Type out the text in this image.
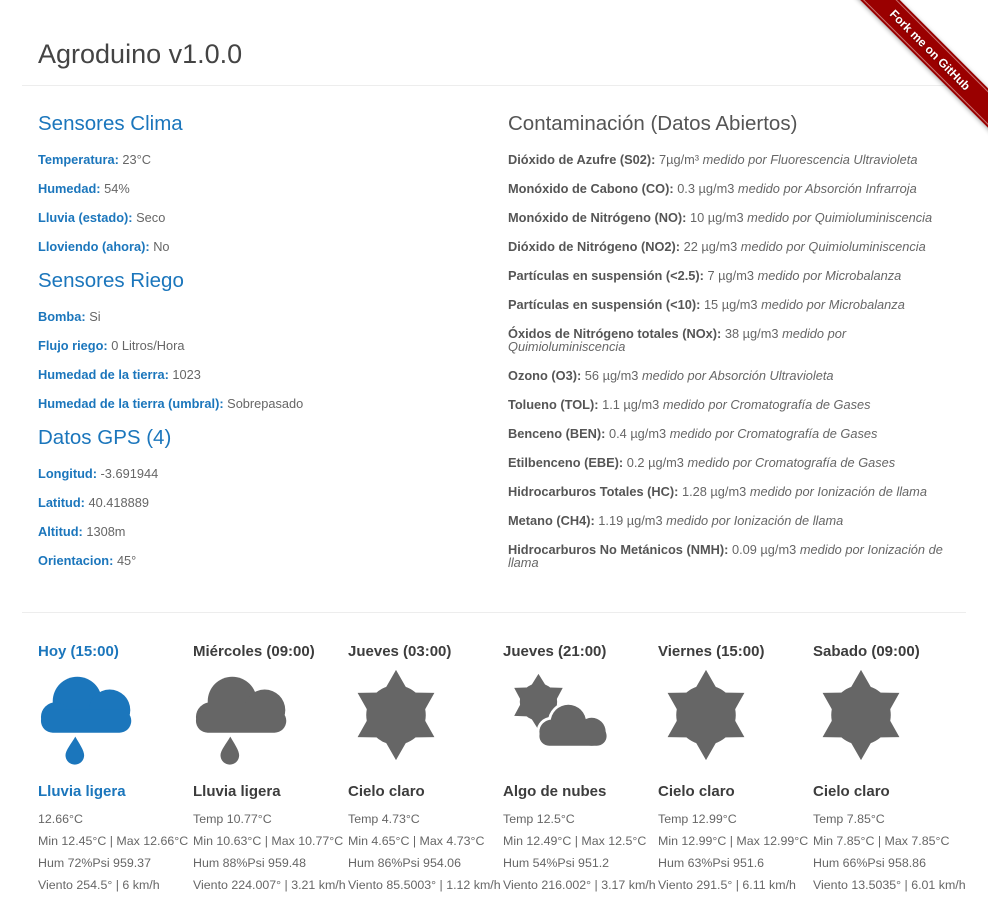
Fork me on GitHub
Agroduino v1.0.0
Sensores Clima

Temperatura: 23°C

Humedad: 54%

Lluvia (estado): Seco

Lloviendo (ahora): No

Sensores Riego

Bomba: Si

Flujo riego: 0 Litros/Hora

Humedad de la tierra: 1023

Humedad de la tierra (umbral): Sobrepasado

Datos GPS (4)

Longitud: -3.691944

Latitud: 40.418889

Altitud: 1308m

Orientacion: 45°

Contaminación (Datos Abiertos)

Dióxido de Azufre (S02): 7µg/m³ medido por Fluorescencia Ultravioleta

Monóxido de Cabono (CO): 0.3 µg/m3 medido por Absorción Infrarroja

Monóxido de Nitrógeno (NO): 10 µg/m3 medido por Quimioluminiscencia

Dióxido de Nitrógeno (NO2): 22 µg/m3 medido por Quimioluminiscencia

Partículas en suspensión (<2.5): 7 µg/m3 medido por Microbalanza

Partículas en suspensión (<10): 15 µg/m3 medido por Microbalanza

Óxidos de Nitrógeno totales (NOx): 38 µg/m3 medido por Quimioluminiscencia

Ozono (O3): 56 µg/m3 medido por Absorción Ultravioleta

Tolueno (TOL): 1.1 µg/m3 medido por Cromatografía de Gases

Benceno (BEN): 0.4 µg/m3 medido por Cromatografía de Gases

Etilbenceno (EBE): 0.2 µg/m3 medido por Cromatografía de Gases

Hidrocarburos Totales (HC): 1.28 µg/m3 medido por Ionización de llama

Metano (CH4): 1.19 µg/m3 medido por Ionización de llama

Hidrocarburos No Metánicos (NMH): 0.09 µg/m3 medido por Ionización de llama

Hoy (15:00)
Lluvia ligera
12.66°C
Min 12.45°C | Max 12.66°C
Hum 72%Psi 959.37
Viento 254.5° | 6 km/h
Miércoles (09:00)
Lluvia ligera
Temp 10.77°C
Min 10.63°C | Max 10.77°C
Hum 88%Psi 959.48
Viento 224.007° | 3.21 km/h
Jueves (03:00)
Cielo claro
Temp 4.73°C
Min 4.65°C | Max 4.73°C
Hum 86%Psi 954.06
Viento 85.5003° | 1.12 km/h
Jueves (21:00)
Algo de nubes
Temp 12.5°C
Min 12.49°C | Max 12.5°C
Hum 54%Psi 951.2
Viento 216.002° | 3.17 km/h
Viernes (15:00)
Cielo claro
Temp 12.99°C
Min 12.99°C | Max 12.99°C
Hum 63%Psi 951.6
Viento 291.5° | 6.11 km/h
Sabado (09:00)
Cielo claro
Temp 7.85°C
Min 7.85°C | Max 7.85°C
Hum 66%Psi 958.86
Viento 13.5035° | 6.01 km/h
